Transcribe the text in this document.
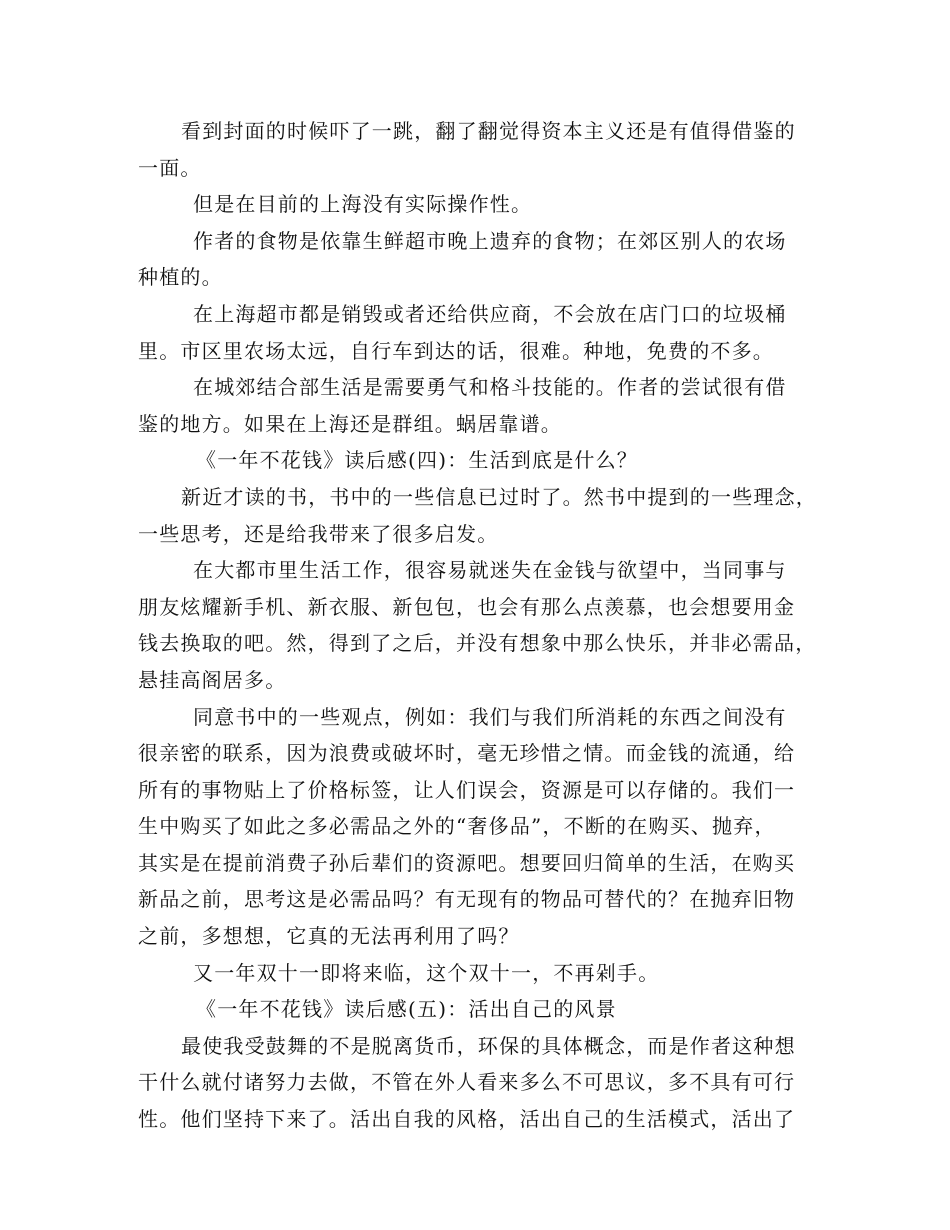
看到封面的时候吓了一跳，翻了翻觉得资本主义还是有值得借鉴的
一面。
但是在目前的上海没有实际操作性。
作者的食物是依靠生鲜超市晚上遗弃的食物；在郊区别人的农场
种植的。
在上海超市都是销毁或者还给供应商，不会放在店门口的垃圾桶
里。市区里农场太远，自行车到达的话，很难。种地，免费的不多。
在城郊结合部生活是需要勇气和格斗技能的。作者的尝试很有借
鉴的地方。如果在上海还是群组。蜗居靠谱。
《一年不花钱》读后感(四)：生活到底是什么？
新近才读的书，书中的一些信息已过时了。然书中提到的一些理念，
一些思考，还是给我带来了很多启发。
在大都市里生活工作，很容易就迷失在金钱与欲望中，当同事与
朋友炫耀新手机、新衣服、新包包，也会有那么点羡慕，也会想要用金
钱去换取的吧。然，得到了之后，并没有想象中那么快乐，并非必需品，
悬挂高阁居多。
同意书中的一些观点，例如：我们与我们所消耗的东西之间没有
很亲密的联系，因为浪费或破坏时，毫无珍惜之情。而金钱的流通，给
所有的事物贴上了价格标签，让人们误会，资源是可以存储的。我们一
生中购买了如此之多必需品之外的“奢侈品”，不断的在购买、抛弃，
其实是在提前消费子孙后辈们的资源吧。想要回归简单的生活，在购买
新品之前，思考这是必需品吗？有无现有的物品可替代的？在抛弃旧物
之前，多想想，它真的无法再利用了吗？
又一年双十一即将来临，这个双十一，不再剁手。
《一年不花钱》读后感(五)：活出自己的风景
最使我受鼓舞的不是脱离货币，环保的具体概念，而是作者这种想
干什么就付诸努力去做，不管在外人看来多么不可思议，多不具有可行
性。他们坚持下来了。活出自我的风格，活出自己的生活模式，活出了
